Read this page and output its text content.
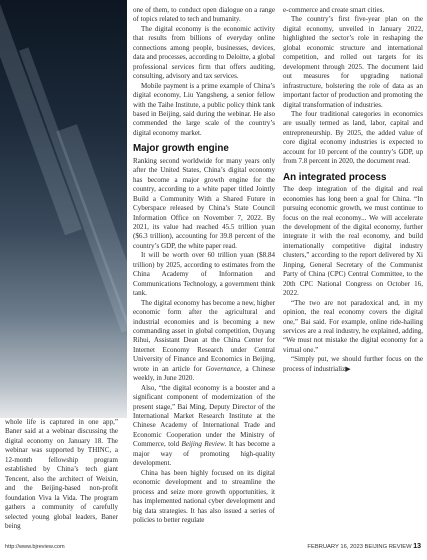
whole life is captured in one app,” Baner said at a webinar discussing the digital economy on January 18. The webinar was supported by THINC, a 12-month fellowship program established by China’s tech giant Tencent, also the architect of Weixin, and the Beijing-based non-profit foundation Viva la Vida. The program gathers a community of carefully selected young global leaders, Baner being

one of them, to conduct open dialogue on a range of topics related to tech and humanity.

The digital economy is the economic activity that results from billions of everyday online connections among people, businesses, devices, data and processes, according to Deloitte, a global professional services firm that offers auditing, consulting, advisory and tax services.

Mobile payment is a prime example of China’s digital economy, Liu Yangsheng, a senior fellow with the Taihe Institute, a public policy think tank based in Beijing, said during the webinar. He also commended the large scale of the country’s digital economy market.

Major growth engine

Ranking second worldwide for many years only after the United States, China’s digital economy has become a major growth engine for the country, according to a white paper titled Jointly Build a Community With a Shared Future in Cyberspace released by China’s State Council Information Office on November 7, 2022. By 2021, its value had reached 45.5 trillion yuan ($6.3 trillion), accounting for 39.8 percent of the country’s GDP, the white paper read.

It will be worth over 60 trillion yuan ($8.84 trillion) by 2025, according to estimates from the China Academy of Information and Communications Technology, a government think tank.

The digital economy has become a new, higher economic form after the agricultural and industrial economies and is becoming a new commanding asset in global competition, Ouyang Rihui, Assistant Dean at the China Center for Internet Economy Research under Central University of Finance and Economics in Beijing, wrote in an article for Governance, a Chinese weekly, in June 2020.

Also, “the digital economy is a booster and a significant component of modernization of the present stage,” Bai Ming, Deputy Director of the International Market Research Institute at the Chinese Academy of International Trade and Economic Cooperation under the Ministry of Commerce, told Beijing Review. It has become a major way of promoting high-quality development.

China has been highly focused on its digital economic development and to streamline the process and seize more growth opportunities, it has implemented national cyber development and big data strategies. It has also issued a series of policies to better regulate

e-commerce and create smart cities.

The country’s first five-year plan on the digital economy, unveiled in January 2022, highlighted the sector’s role in reshaping the global economic structure and international competition, and rolled out targets for its development through 2025. The document laid out measures for upgrading national infrastructure, bolstering the role of data as an important factor of production and promoting the digital transformation of industries.

The four traditional categories in economics are usually termed as land, labor, capital and entrepreneurship. By 2025, the added value of core digital economy industries is expected to account for 10 percent of the country’s GDP, up from 7.8 percent in 2020, the document read.

An integrated process

The deep integration of the digital and real economies has long been a goal for China. “In pursuing economic growth, we must continue to focus on the real economy... We will accelerate the development of the digital economy, further integrate it with the real economy, and build internationally competitive digital industry clusters,” according to the report delivered by Xi Jinping, General Secretary of the Communist Party of China (CPC) Central Committee, to the 20th CPC National Congress on October 16, 2022.

“The two are not paradoxical and, in my opinion, the real economy covers the digital one,” Bai said. For example, online ride-hailing services are a real industry, he explained, adding, “We must not mistake the digital economy for a virtual one.”

“Simply put, we should further focus on the process of industrializ▶

http://www.bjreview.com	FEBRUARY 16, 2023 BEIJING REVIEW 13
